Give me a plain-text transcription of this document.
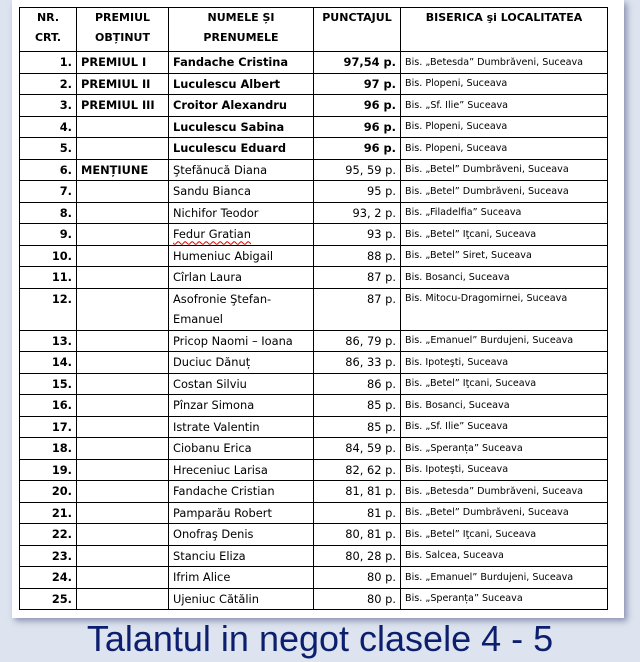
NR. CRT.	PREMIUL OBȚINUT	NUMELE ȘI PRENUMELE	PUNCTAJUL	BISERICA şi LOCALITATEA
1.	PREMIUL I	Fandache Cristina	97,54 p.	Bis. „Betesda” Dumbrăveni, Suceava
2.	PREMIUL II	Luculescu Albert	97 p.	Bis. Plopeni, Suceava
3.	PREMIUL III	Croitor Alexandru	96 p.	Bis. „Sf. Ilie” Suceava
4.		Luculescu Sabina	96 p.	Bis. Plopeni, Suceava
5.		Luculescu Eduard	96 p.	Bis. Plopeni, Suceava
6.	MENȚIUNE	Ştefănucă Diana	95, 59 p.	Bis. „Betel” Dumbrăveni, Suceava
7.		Sandu Bianca	95 p.	Bis. „Betel” Dumbrăveni, Suceava
8.		Nichifor Teodor	93, 2 p.	Bis. „Filadelfia” Suceava
9.		Fedur Gratian	93 p.	Bis. „Betel” Iţcani, Suceava
10.		Humeniuc Abigail	88 p.	Bis. „Betel” Siret, Suceava
11.		Cîrlan Laura	87 p.	Bis. Bosanci, Suceava
12.		Asofronie Ştefan-Emanuel	87 p.	Bis. Mitocu-Dragomirnei, Suceava
13.		Pricop Naomi – Ioana	86, 79 p.	Bis. „Emanuel” Burdujeni, Suceava
14.		Duciuc Dănuț	86, 33 p.	Bis. Ipoteşti, Suceava
15.		Costan Silviu	86 p.	Bis. „Betel” Iţcani, Suceava
16.		Pînzar Simona	85 p.	Bis. Bosanci, Suceava
17.		Istrate Valentin	85 p.	Bis. „Sf. Ilie” Suceava
18.		Ciobanu Erica	84, 59 p.	Bis. „Speranța” Suceava
19.		Hreceniuc Larisa	82, 62 p.	Bis. Ipoteşti, Suceava
20.		Fandache Cristian	81, 81 p.	Bis. „Betesda” Dumbrăveni, Suceava
21.		Pamparău Robert	81 p.	Bis. „Betel” Dumbrăveni, Suceava
22.		Onofraş Denis	80, 81 p.	Bis. „Betel” Iţcani, Suceava
23.		Stanciu Eliza	80, 28 p.	Bis. Salcea, Suceava
24.		Ifrim Alice	80 p.	Bis. „Emanuel” Burdujeni, Suceava
25.		Ujeniuc Cătălin	80 p.	Bis. „Speranța” Suceava
Talantul in negot clasele 4 - 5
